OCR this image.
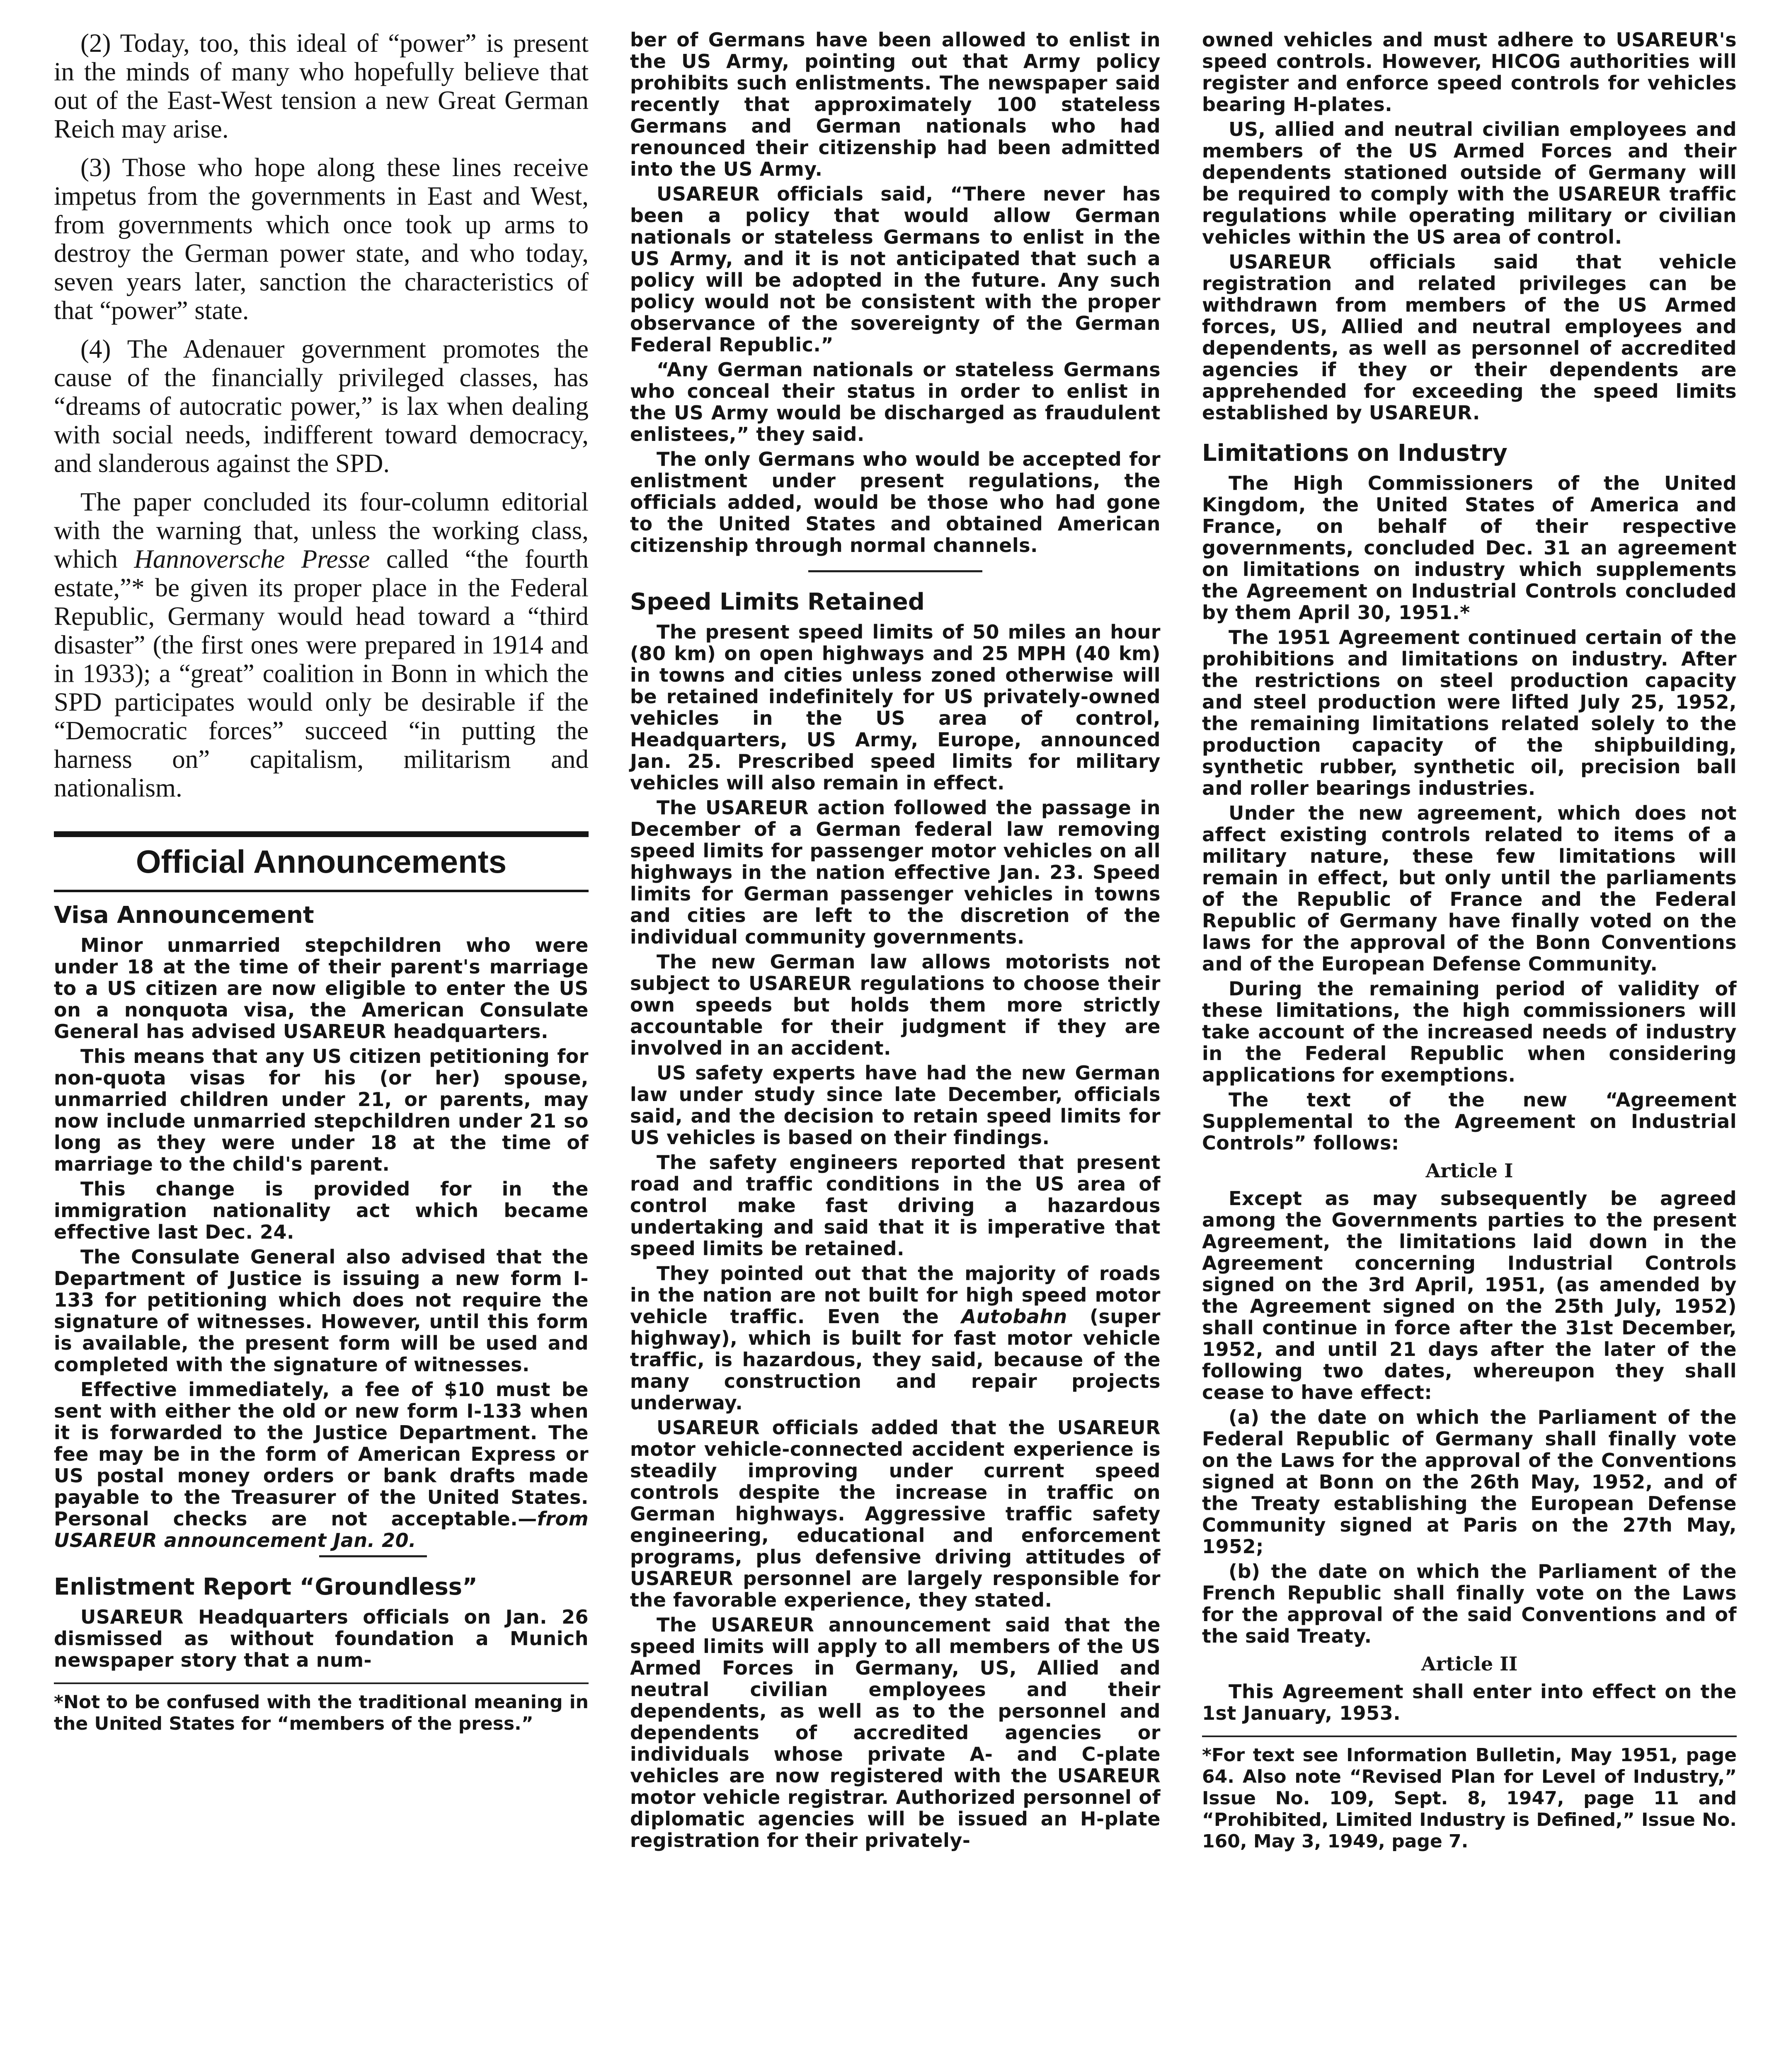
(2) Today, too, this ideal of “power” is present in the minds of many who hopefully believe that out of the East-West tension a new Great German Reich may arise.

(3) Those who hope along these lines receive impetus from the governments in East and West, from governments which once took up arms to destroy the German power state, and who today, seven years later, sanction the characteristics of that “power” state.

(4) The Adenauer government promotes the cause of the financially privileged classes, has “dreams of autocratic power,” is lax when dealing with social needs, indifferent toward democracy, and slanderous against the SPD.

The paper concluded its four-column editorial with the warning that, unless the working class, which Hannoversche Presse called “the fourth estate,”* be given its proper place in the Federal Republic, Germany would head toward a “third disaster” (the first ones were prepared in 1914 and in 1933); a “great” coalition in Bonn in which the SPD participates would only be desirable if the “Democratic forces” succeed “in putting the harness on” capitalism, militarism and nationalism.

Official Announcements
Visa Announcement

Minor unmarried stepchildren who were under 18 at the time of their parent's marriage to a US citizen are now eligible to enter the US on a nonquota visa, the American Consulate General has advised USAREUR headquarters.

This means that any US citizen petitioning for non-quota visas for his (or her) spouse, unmarried children under 21, or parents, may now include unmarried stepchildren under 21 so long as they were under 18 at the time of marriage to the child's parent.

This change is provided for in the immigration nationality act which became effective last Dec. 24.

The Consulate General also advised that the Department of Justice is issuing a new form I-133 for petitioning which does not require the signature of witnesses. However, until this form is available, the present form will be used and completed with the signature of witnesses.

Effective immediately, a fee of $10 must be sent with either the old or new form I-133 when it is forwarded to the Justice Department. The fee may be in the form of American Express or US postal money orders or bank drafts made payable to the Treasurer of the United States. Personal checks are not acceptable.—from USAREUR announcement Jan. 20.

Enlistment Report “Groundless”

USAREUR Headquarters officials on Jan. 26 dismissed as without foundation a Munich newspaper story that a num-

*Not to be confused with the traditional meaning in the United States for “members of the press.”

ber of Germans have been allowed to enlist in the US Army, pointing out that Army policy prohibits such enlistments. The newspaper said recently that approximately 100 stateless Germans and German nationals who had renounced their citizenship had been admitted into the US Army.

USAREUR officials said, “There never has been a policy that would allow German nationals or stateless Germans to enlist in the US Army, and it is not anticipated that such a policy will be adopted in the future. Any such policy would not be consistent with the proper observance of the sovereignty of the German Federal Republic.”

“Any German nationals or stateless Germans who conceal their status in order to enlist in the US Army would be discharged as fraudulent enlistees,” they said.

The only Germans who would be accepted for enlistment under present regulations, the officials added, would be those who had gone to the United States and obtained American citizenship through normal channels.

Speed Limits Retained

The present speed limits of 50 miles an hour (80 km) on open highways and 25 MPH (40 km) in towns and cities unless zoned otherwise will be retained indefinitely for US privately-owned vehicles in the US area of control, Headquarters, US Army, Europe, announced Jan. 25. Prescribed speed limits for military vehicles will also remain in effect.

The USAREUR action followed the passage in December of a German federal law removing speed limits for passenger motor vehicles on all highways in the nation effective Jan. 23. Speed limits for German passenger vehicles in towns and cities are left to the discretion of the individual community governments.

The new German law allows motorists not subject to USAREUR regulations to choose their own speeds but holds them more strictly accountable for their judgment if they are involved in an accident.

US safety experts have had the new German law under study since late December, officials said, and the decision to retain speed limits for US vehicles is based on their findings.

The safety engineers reported that present road and traffic conditions in the US area of control make fast driving a hazardous undertaking and said that it is imperative that speed limits be retained.

They pointed out that the majority of roads in the nation are not built for high speed motor vehicle traffic. Even the Autobahn (super highway), which is built for fast motor vehicle traffic, is hazardous, they said, because of the many construction and repair projects underway.

USAREUR officials added that the USAREUR motor vehicle-connected accident experience is steadily improving under current speed controls despite the increase in traffic on German highways. Aggressive traffic safety engineering, educational and enforcement programs, plus defensive driving attitudes of USAREUR personnel are largely responsible for the favorable experience, they stated.

The USAREUR announcement said that the speed limits will apply to all members of the US Armed Forces in Germany, US, Allied and neutral civilian employees and their dependents, as well as to the personnel and dependents of accredited agencies or individuals whose private A- and C-plate vehicles are now registered with the USAREUR motor vehicle registrar. Authorized personnel of diplomatic agencies will be issued an H-plate registration for their privately-

owned vehicles and must adhere to USAREUR's speed controls. However, HICOG authorities will register and enforce speed controls for vehicles bearing H-plates.

US, allied and neutral civilian employees and members of the US Armed Forces and their dependents stationed outside of Germany will be required to comply with the USAREUR traffic regulations while operating military or civilian vehicles within the US area of control.

USAREUR officials said that vehicle registration and related privileges can be withdrawn from members of the US Armed forces, US, Allied and neutral employees and dependents, as well as personnel of accredited agencies if they or their dependents are apprehended for exceeding the speed limits established by USAREUR.

Limitations on Industry

The High Commissioners of the United Kingdom, the United States of America and France, on behalf of their respective governments, concluded Dec. 31 an agreement on limitations on industry which supplements the Agreement on Industrial Controls concluded by them April 30, 1951.*

The 1951 Agreement continued certain of the prohibitions and limitations on industry. After the restrictions on steel production capacity and steel production were lifted July 25, 1952, the remaining limitations related solely to the production capacity of the shipbuilding, synthetic rubber, synthetic oil, precision ball and roller bearings industries.

Under the new agreement, which does not affect existing controls related to items of a military nature, these few limitations will remain in effect, but only until the parliaments of the Republic of France and the Federal Republic of Germany have finally voted on the laws for the approval of the Bonn Conventions and of the European Defense Community.

During the remaining period of validity of these limitations, the high commissioners will take account of the increased needs of industry in the Federal Republic when considering applications for exemptions.

The text of the new “Agreement Supplemental to the Agreement on Industrial Controls” follows:

Article I

Except as may subsequently be agreed among the Governments parties to the present Agreement, the limitations laid down in the Agreement concerning Industrial Controls signed on the 3rd April, 1951, (as amended by the Agreement signed on the 25th July, 1952) shall continue in force after the 31st December, 1952, and until 21 days after the later of the following two dates, whereupon they shall cease to have effect:

(a) the date on which the Parliament of the Federal Republic of Germany shall finally vote on the Laws for the approval of the Conventions signed at Bonn on the 26th May, 1952, and of the Treaty establishing the European Defense Community signed at Paris on the 27th May, 1952;

(b) the date on which the Parliament of the French Republic shall finally vote on the Laws for the approval of the said Conventions and of the said Treaty.

Article II

This Agreement shall enter into effect on the 1st January, 1953.

*For text see Information Bulletin, May 1951, page 64. Also note “Revised Plan for Level of Industry,” Issue No. 109, Sept. 8, 1947, page 11 and “Prohibited, Limited Industry is Defined,” Issue No. 160, May 3, 1949, page 7.
